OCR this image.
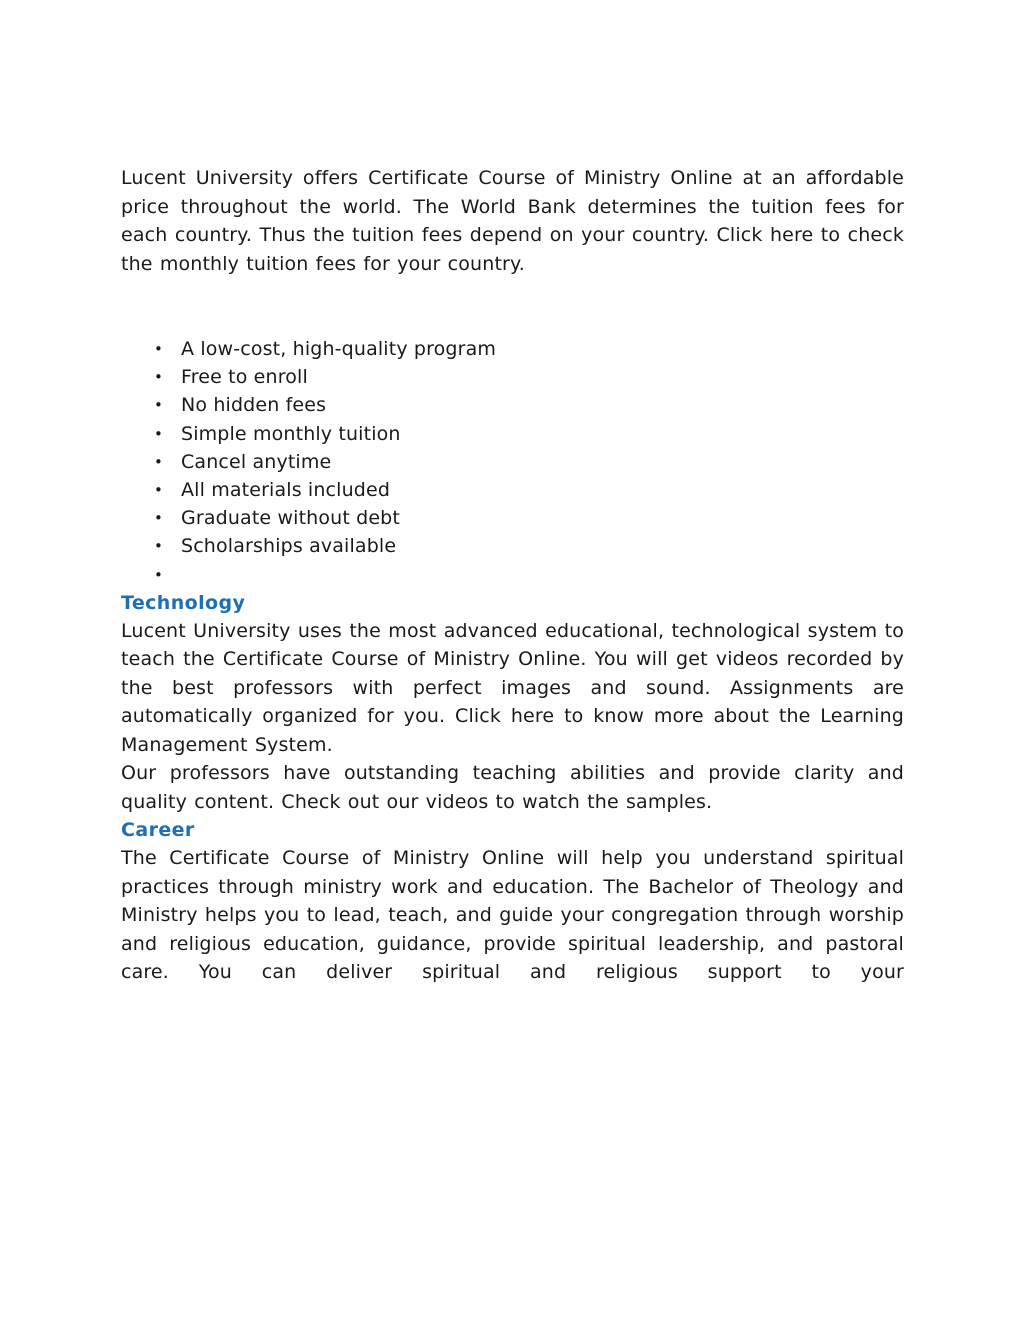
Lucent University offers Certificate Course of Ministry Online at an affordable price throughout the world. The World Bank determines the tuition fees for each country. Thus the tuition fees depend on your country. Click here to check the monthly tuition fees for your country.

• A low-cost, high-quality program
• Free to enroll
• No hidden fees
• Simple monthly tuition
• Cancel anytime
• All materials included
• Graduate without debt
• Scholarships available
•
Technology

Lucent University uses the most advanced educational, technological system to teach the Certificate Course of Ministry Online. You will get videos recorded by the best professors with perfect images and sound. Assignments are automatically organized for you. Click here to know more about the Learning Management System.

Our professors have outstanding teaching abilities and provide clarity and quality content. Check out our videos to watch the samples.

Career

The Certificate Course of Ministry Online will help you understand spiritual practices through ministry work and education. The Bachelor of Theology and Ministry helps you to lead, teach, and guide your congregation through worship and religious education, guidance, provide spiritual leadership, and pastoral care. You can deliver spiritual and religious support to your
